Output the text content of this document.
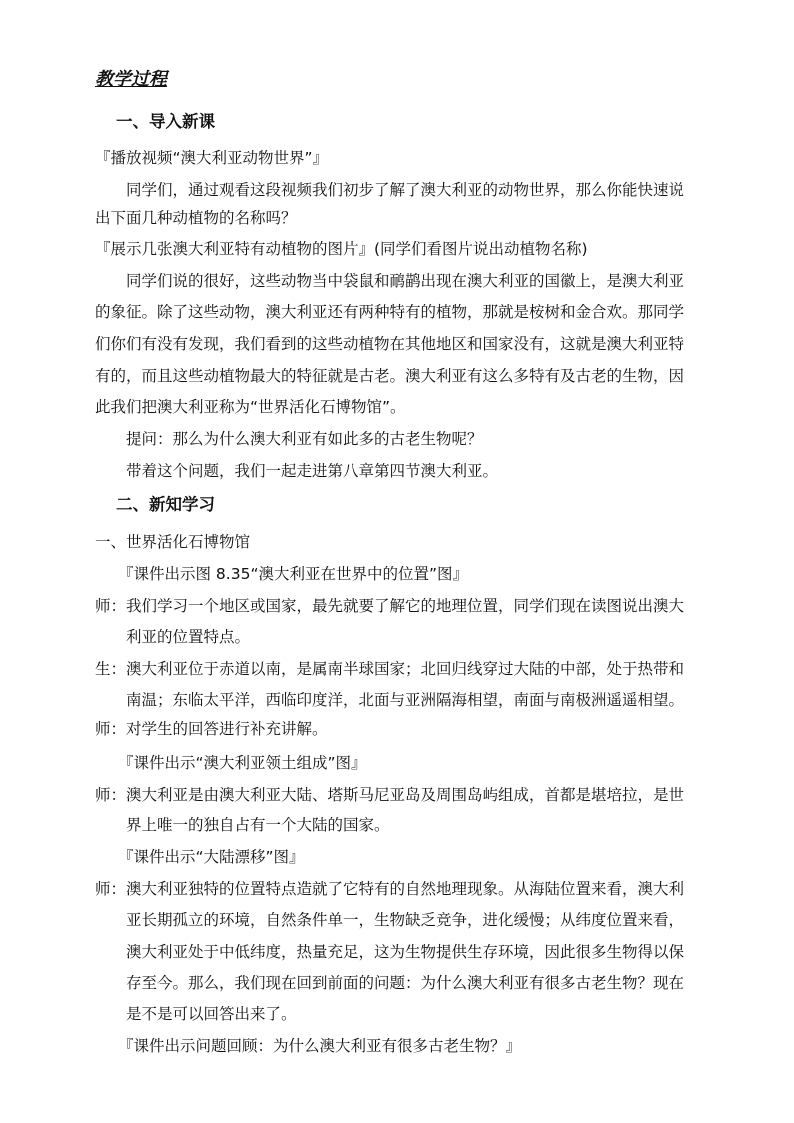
教学过程
一、导入新课
『播放视频“澳大利亚动物世界”』
同学们，通过观看这段视频我们初步了解了澳大利亚的动物世界，那么你能快速说
出下面几种动植物的名称吗？
『展示几张澳大利亚特有动植物的图片』(同学们看图片说出动植物名称)
同学们说的很好，这些动物当中袋鼠和鸸鹋出现在澳大利亚的国徽上，是澳大利亚
的象征。除了这些动物，澳大利亚还有两种特有的植物，那就是桉树和金合欢。那同学
们你们有没有发现，我们看到的这些动植物在其他地区和国家没有，这就是澳大利亚特
有的，而且这些动植物最大的特征就是古老。澳大利亚有这么多特有及古老的生物，因
此我们把澳大利亚称为“世界活化石博物馆”。
提问：那么为什么澳大利亚有如此多的古老生物呢？
带着这个问题，我们一起走进第八章第四节澳大利亚。
二、新知学习
一、世界活化石博物馆
『课件出示图 8.35“澳大利亚在世界中的位置”图』
师：我们学习一个地区或国家，最先就要了解它的地理位置，同学们现在读图说出澳大
利亚的位置特点。
生：澳大利亚位于赤道以南，是属南半球国家；北回归线穿过大陆的中部，处于热带和
南温；东临太平洋，西临印度洋，北面与亚洲隔海相望，南面与南极洲遥遥相望。
师：对学生的回答进行补充讲解。
『课件出示“澳大利亚领土组成”图』
师：澳大利亚是由澳大利亚大陆、塔斯马尼亚岛及周围岛屿组成，首都是堪培拉，是世
界上唯一的独自占有一个大陆的国家。
『课件出示“大陆漂移”图』
师：澳大利亚独特的位置特点造就了它特有的自然地理现象。从海陆位置来看，澳大利
亚长期孤立的环境，自然条件单一，生物缺乏竞争，进化缓慢；从纬度位置来看，
澳大利亚处于中低纬度，热量充足，这为生物提供生存环境，因此很多生物得以保
存至今。那么，我们现在回到前面的问题：为什么澳大利亚有很多古老生物？现在
是不是可以回答出来了。
『课件出示问题回顾：为什么澳大利亚有很多古老生物？』
